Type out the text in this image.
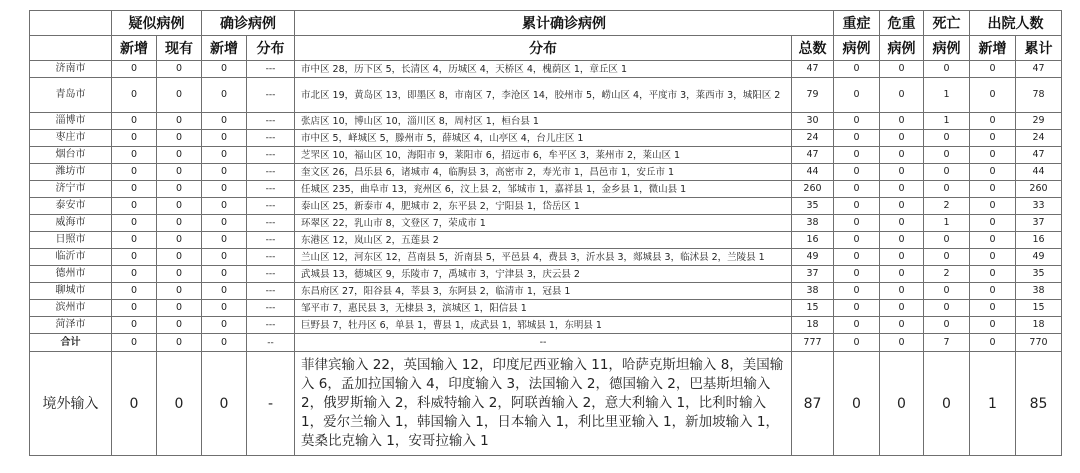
	疑似病例		确诊病例		累计确诊病例		重症	危重	死亡	出院人数	
	新增	现有	新增	分布	分布	总数	病例	病例	病例	新增	累计
济南市	0	0	0	---	市中区 28，历下区 5，长清区 4，历城区 4，天桥区 4，槐荫区 1，章丘区 1	47	0	0	0	0	47
青岛市	0	0	0	---	市北区 19，黄岛区 13，即墨区 8，市南区 7，李沧区 14，胶州市 5，崂山区 4，平度市 3，莱西市 3，城阳区 2	79	0	0	1	0	78
淄博市	0	0	0	---	张店区 10，博山区 10，淄川区 8，周村区 1，桓台县 1	30	0	0	1	0	29
枣庄市	0	0	0	---	市中区 5，峄城区 5，滕州市 5，薛城区 4，山亭区 4，台儿庄区 1	24	0	0	0	0	24
烟台市	0	0	0	---	芝罘区 10，福山区 10，海阳市 9，莱阳市 6，招远市 6，牟平区 3，莱州市 2，莱山区 1	47	0	0	0	0	47
潍坊市	0	0	0	---	奎文区 26，昌乐县 6，诸城市 4，临朐县 3，高密市 2，寿光市 1，昌邑市 1，安丘市 1	44	0	0	0	0	44
济宁市	0	0	0	---	任城区 235，曲阜市 13，兖州区 6，汶上县 2，邹城市 1，嘉祥县 1，金乡县 1，微山县 1	260	0	0	0	0	260
泰安市	0	0	0	---	泰山区 25，新泰市 4，肥城市 2，东平县 2，宁阳县 1，岱岳区 1	35	0	0	2	0	33
威海市	0	0	0	---	环翠区 22，乳山市 8，文登区 7，荣成市 1	38	0	0	1	0	37
日照市	0	0	0	---	东港区 12，岚山区 2，五莲县 2	16	0	0	0	0	16
临沂市	0	0	0	---	兰山区 12，河东区 12，莒南县 5，沂南县 5，平邑县 4，费县 3，沂水县 3，郯城县 3，临沭县 2，兰陵县 1	49	0	0	0	0	49
德州市	0	0	0	---	武城县 13，德城区 9，乐陵市 7，禹城市 3，宁津县 3，庆云县 2	37	0	0	2	0	35
聊城市	0	0	0	---	东昌府区 27，阳谷县 4，莘县 3，东阿县 2，临清市 1，冠县 1	38	0	0	0	0	38
滨州市	0	0	0	---	邹平市 7，惠民县 3，无棣县 3，滨城区 1，阳信县 1	15	0	0	0	0	15
菏泽市	0	0	0	---	巨野县 7，牡丹区 6，单县 1，曹县 1，成武县 1，郓城县 1，东明县 1	18	0	0	0	0	18
合计	0	0	0	--	--	777	0	0	7	0	770
境外输入	0	0	0	-	菲律宾输入 22，英国输入 12，印度尼西亚输入 11，哈萨克斯坦输入 8，美国输入 6，孟加拉国输入 4，印度输入 3，法国输入 2，德国输入 2，巴基斯坦输入 2，俄罗斯输入 2，科威特输入 2，阿联酋输入 2，意大利输入 1，比利时输入 1，爱尔兰输入 1，韩国输入 1，日本输入 1，利比里亚输入 1，新加坡输入 1，莫桑比克输入 1，安哥拉输入 1	87	0	0	0	1	85
